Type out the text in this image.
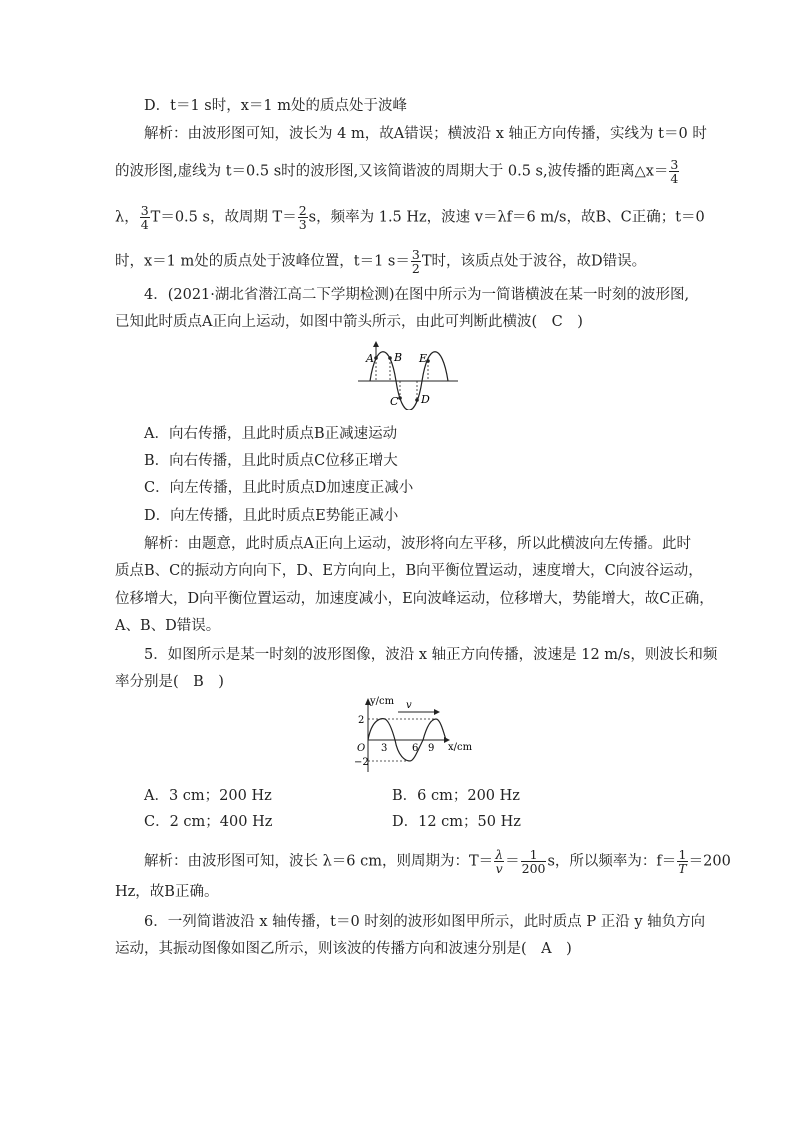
D．t＝1 s时，x＝1 m处的质点处于波峰
解析：由波形图可知，波长为 4 m，故A错误；横波沿 x 轴正方向传播，实线为 t＝0 时
的波形图,虚线为 t＝0.5 s时的波形图,又该简谐波的周期大于 0.5 s,波传播的距离△x＝ $\frac{3}{4}$
λ， $\frac{3}{4} T=0.5$ s，故周期 $T= \frac{2}{3}$ s，频率为 1.5 Hz，波速 v＝λf＝6 m/s，故B、C正确；t＝0
时，x＝1 m处的质点处于波峰位置，t＝1 $s= \frac{3}{2}$ T时，该质点处于波谷，故D错误。
4．(2021·湖北省潜江高二下学期检测)在图中所示为一简谐横波在某一时刻的波形图,
已知此时质点A正向上运动，如图中箭头所示，由此可判断此横波(　C　)
A B
C D
E
A．向右传播，且此时质点B正减速运动
B．向右传播，且此时质点C位移正增大
C．向左传播，且此时质点D加速度正减小
D．向左传播，且此时质点E势能正减小
解析：由题意，此时质点A正向上运动，波形将向左平移，所以此横波向左传播。此时
质点B、C的振动方向向下，D、E方向向上，B向平衡位置运动，速度增大，C向波谷运动，
位移增大，D向平衡位置运动，加速度减小，E向波峰运动，位移增大，势能增大，故C正确，
A、B、D错误。
5．如图所示是某一时刻的波形图像，波沿 x 轴正方向传播，波速是 12 m/s，则波长和频
率分别是(　B　)
v
y/cm
x/cm
2
−2
O 3 6 9
A．3 cm；200 Hz	B．6 cm；200 Hz
C．2 cm；400 Hz	D．12 cm；50 Hz
解析：由波形图可知，波长 λ＝6 cm，则周期为：$T= \frac{\lambda}{v} = \frac{1}{200}$ s，所以频率为：$f= \frac{1}{T} =200$
Hz，故B正确。
6．一列简谐波沿 x 轴传播，t＝0 时刻的波形如图甲所示，此时质点 P 正沿 y 轴负方向
运动，其振动图像如图乙所示，则该波的传播方向和波速分别是(　A　)
